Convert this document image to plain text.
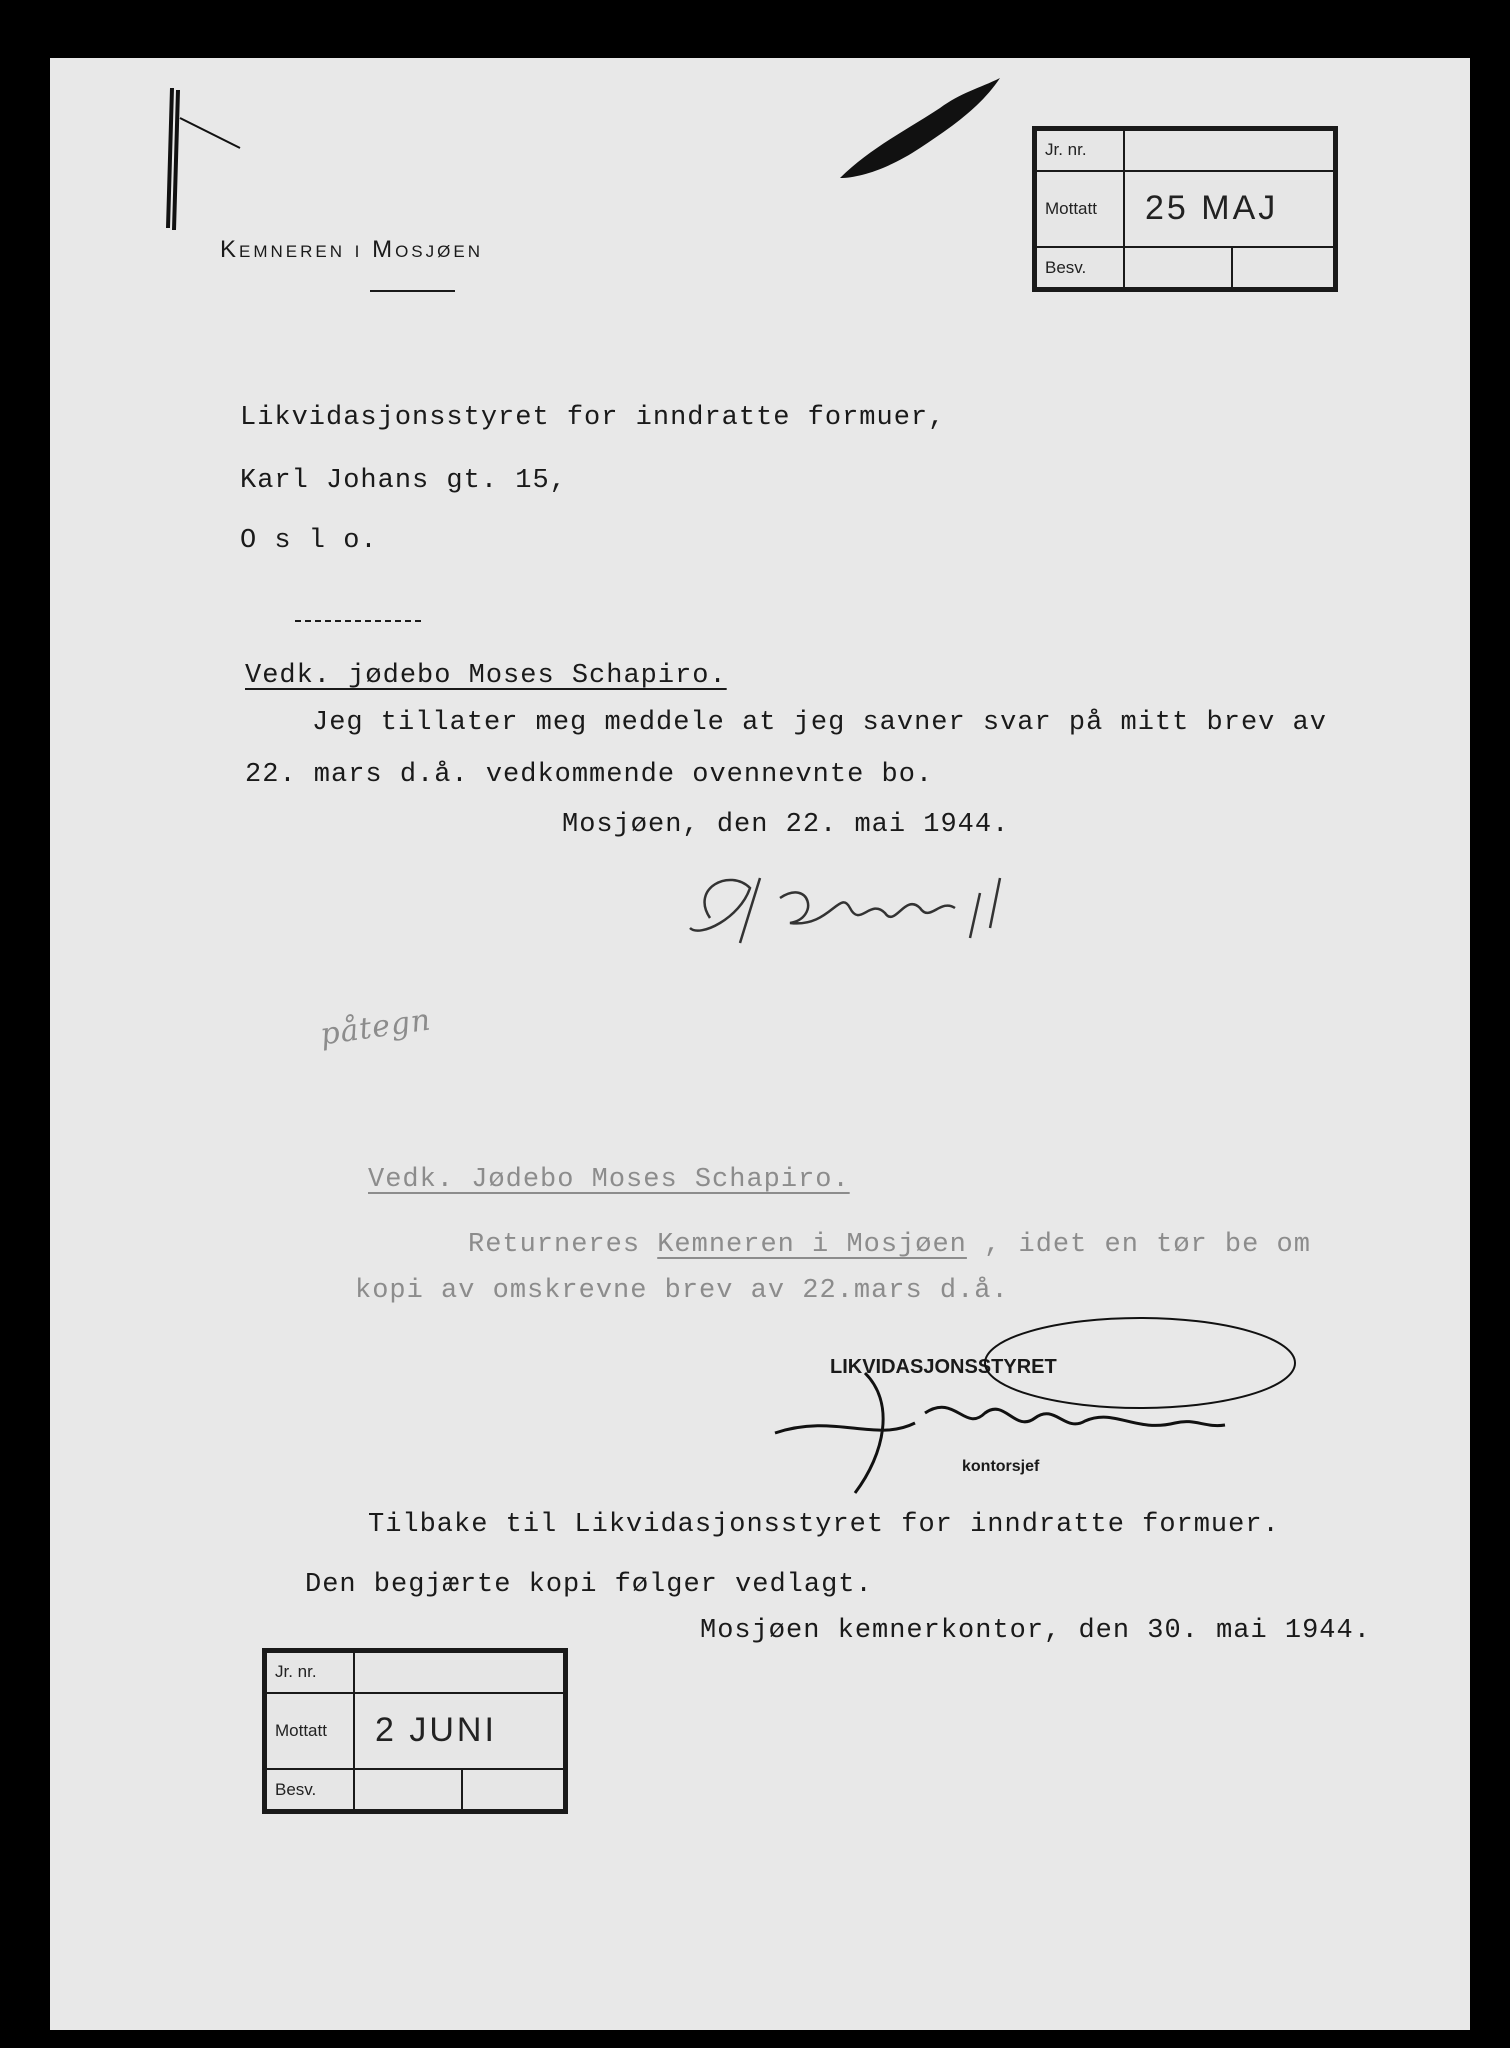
Kemneren i Mosjøen
Jr. nr.		
Mottatt	25 MAJ	
Besv.		
Likvidasjonsstyret for inndratte formuer,
Karl Johans gt. 15,
O s l o.
Vedk. jødebo Moses Schapiro.
Jeg tillater meg meddele at jeg savner svar på mitt brev av
22. mars d.å. vedkommende ovennevnte bo.
Mosjøen, den 22. mai 1944.
påtegn
Vedk. Jødebo Moses Schapiro.
Returneres Kemneren i Mosjøen , idet en tør be om
kopi av omskrevne brev av 22.mars d.å.
LIKVIDASJONSSTYRET
kontorsjef
Tilbake til Likvidasjonsstyret for inndratte formuer.
Den begjærte kopi følger vedlagt.
Mosjøen kemnerkontor, den 30. mai 1944.
Jr. nr.		
Mottatt	2 JUNI	
Besv.		
